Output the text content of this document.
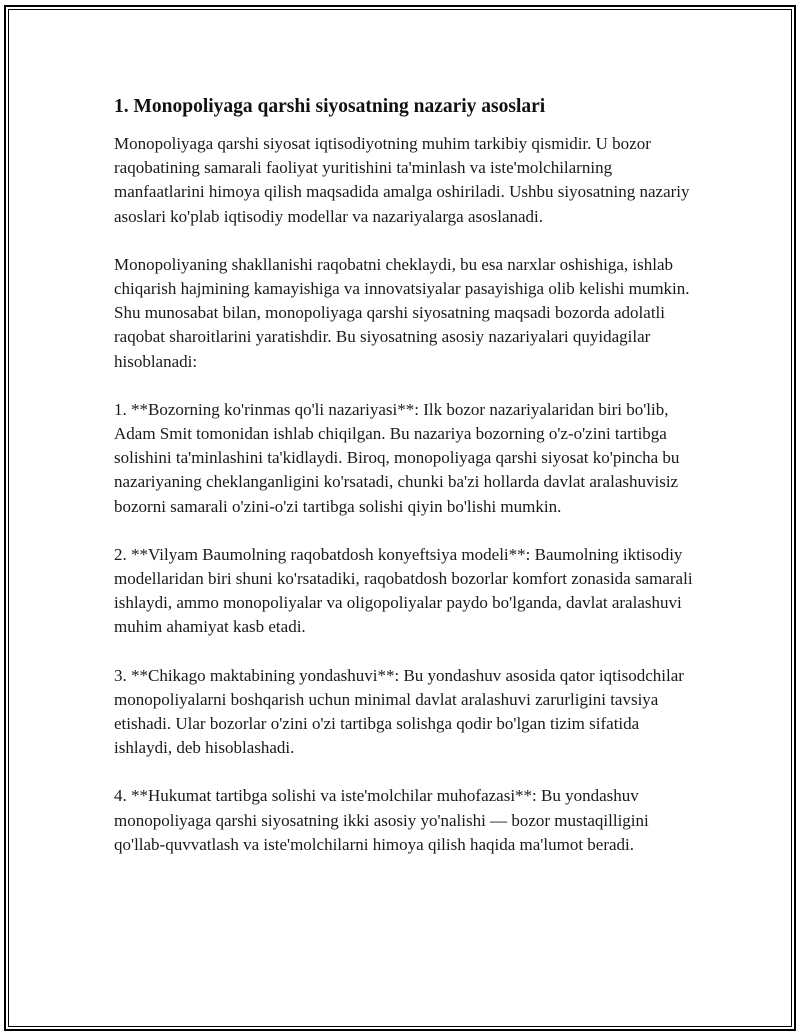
1. Monopoliyaga qarshi siyosatning nazariy asoslari

Monopoliyaga qarshi siyosat iqtisodiyotning muhim tarkibiy qismidir. U bozor raqobatining samarali faoliyat yuritishini ta'minlash va iste'molchilarning manfaatlarini himoya qilish maqsadida amalga oshiriladi. Ushbu siyosatning nazariy asoslari ko'plab iqtisodiy modellar va nazariyalarga asoslanadi.

Monopoliyaning shakllanishi raqobatni cheklaydi, bu esa narxlar oshishiga, ishlab chiqarish hajmining kamayishiga va innovatsiyalar pasayishiga olib kelishi mumkin. Shu munosabat bilan, monopoliyaga qarshi siyosatning maqsadi bozorda adolatli raqobat sharoitlarini yaratishdir. Bu siyosatning asosiy nazariyalari quyidagilar hisoblanadi:

1. **Bozorning ko'rinmas qo'li nazariyasi**: Ilk bozor nazariyalaridan biri bo'lib, Adam Smit tomonidan ishlab chiqilgan. Bu nazariya bozorning o'z-o'zini tartibga solishini ta'minlashini ta'kidlaydi. Biroq, monopoliyaga qarshi siyosat ko'pincha bu nazariyaning cheklanganligini ko'rsatadi, chunki ba'zi hollarda davlat aralashuvisiz bozorni samarali o'zini-o'zi tartibga solishi qiyin bo'lishi mumkin.

2. **Vilyam Baumolning raqobatdosh konyeftsiya modeli**: Baumolning iktisodiy modellaridan biri shuni ko'rsatadiki, raqobatdosh bozorlar komfort zonasida samarali ishlaydi, ammo monopoliyalar va oligopoliyalar paydo bo'lganda, davlat aralashuvi muhim ahamiyat kasb etadi.

3. **Chikago maktabining yondashuvi**: Bu yondashuv asosida qator iqtisodchilar monopoliyalarni boshqarish uchun minimal davlat aralashuvi zarurligini tavsiya etishadi. Ular bozorlar o'zini o'zi tartibga solishga qodir bo'lgan tizim sifatida ishlaydi, deb hisoblashadi.

4. **Hukumat tartibga solishi va iste'molchilar muhofazasi**: Bu yondashuv monopoliyaga qarshi siyosatning ikki asosiy yo'nalishi — bozor mustaqilligini qo'llab-quvvatlash va iste'molchilarni himoya qilish haqida ma'lumot beradi.
